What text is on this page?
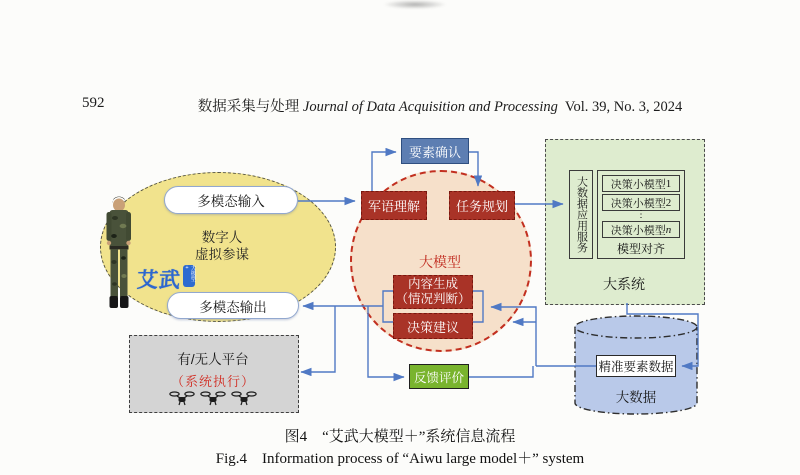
592	数据采集与处理 Journal of Data Acquisition and Processing Vol. 39, No. 3, 2024
多模态输入
数字人
虚拟参谋
艾武	大模型+
多模态输出
大模型
要素确认
军语理解	任务规划
内容生成
（情况判断）
决策建议
大数据应用服务	决策小模型 1
决策小模型 2
⋮
决策小模型 n
模型对齐
大系统
精准要素数据
大数据
有/无人平台
（系统执行）	反馈评价
图4　“艾武大模型＋”系统信息流程
Fig.4　Information process of “Aiwu large model＋” system
